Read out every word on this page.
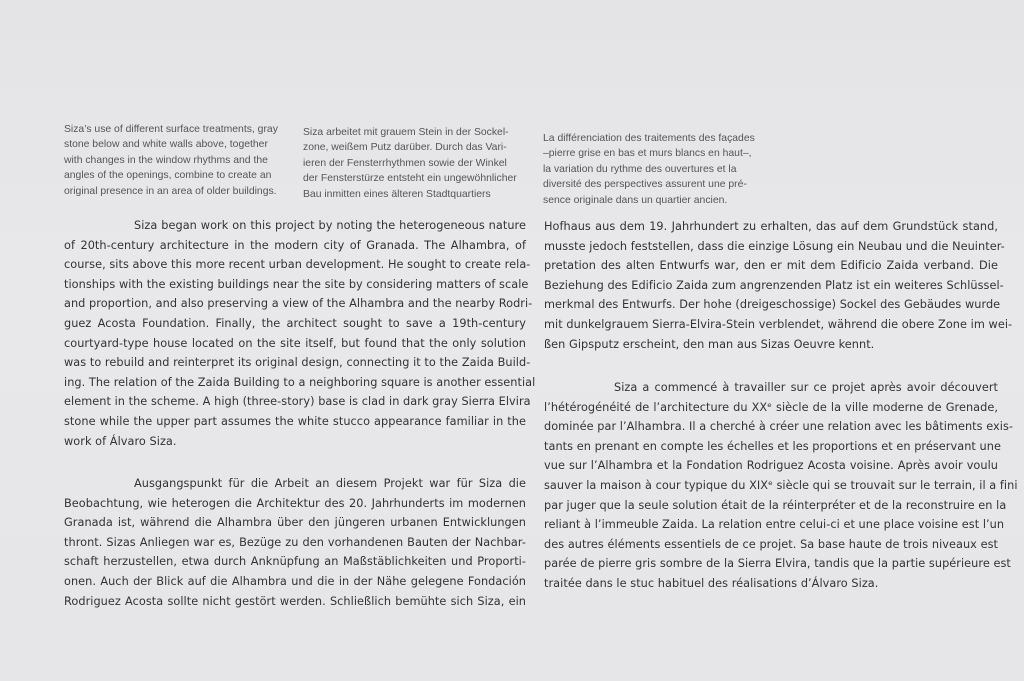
Siza’s use of different surface treatments, gray
stone below and white walls above, together
with changes in the window rhythms and the
angles of the openings, combine to create an
original presence in an area of older buildings.
Siza arbeitet mit grauem Stein in der Sockel-
zone, weißem Putz darüber. Durch das Vari-
ieren der Fensterrhythmen sowie der Winkel
der Fensterstürze entsteht ein ungewöhnlicher
Bau inmitten eines älteren Stadtquartiers
La différenciation des traitements des façades
–pierre grise en bas et murs blancs en haut–,
la variation du rythme des ouvertures et la
diversité des perspectives assurent une pré-
sence originale dans un quartier ancien.
Siza began work on this project by noting the heterogeneous nature
of 20th-century architecture in the modern city of Granada. The Alhambra, of
course, sits above this more recent urban development. He sought to create rela-
tionships with the existing buildings near the site by considering matters of scale
and proportion, and also preserving a view of the Alhambra and the nearby Rodri-
guez Acosta Foundation. Finally, the architect sought to save a 19th-century
courtyard-type house located on the site itself, but found that the only solution
was to rebuild and reinterpret its original design, connecting it to the Zaida Build-
ing. The relation of the Zaida Building to a neighboring square is another essential
element in the scheme. A high (three-story) base is clad in dark gray Sierra Elvira
stone while the upper part assumes the white stucco appearance familiar in the
work of Álvaro Siza.
Ausgangspunkt für die Arbeit an diesem Projekt war für Siza die
Beobachtung, wie heterogen die Architektur des 20. Jahrhunderts im modernen
Granada ist, während die Alhambra über den jüngeren urbanen Entwicklungen
thront. Sizas Anliegen war es, Bezüge zu den vorhandenen Bauten der Nachbar-
schaft herzustellen, etwa durch Anknüpfung an Maßstäblichkeiten und Proporti-
onen. Auch der Blick auf die Alhambra und die in der Nähe gelegene Fondación
Rodriguez Acosta sollte nicht gestört werden. Schließlich bemühte sich Siza, ein
Hofhaus aus dem 19. Jahrhundert zu erhalten, das auf dem Grundstück stand,
musste jedoch feststellen, dass die einzige Lösung ein Neubau und die Neuinter-
pretation des alten Entwurfs war, den er mit dem Edificio Zaida verband. Die
Beziehung des Edificio Zaida zum angrenzenden Platz ist ein weiteres Schlüssel-
merkmal des Entwurfs. Der hohe (dreigeschossige) Sockel des Gebäudes wurde
mit dunkelgrauem Sierra-Elvira-Stein verblendet, während die obere Zone im wei-
ßen Gipsputz erscheint, den man aus Sizas Oeuvre kennt.
Siza a commencé à travailler sur ce projet après avoir découvert
l’hétérogénéité de l’architecture du XXᵉ siècle de la ville moderne de Grenade,
dominée par l’Alhambra. Il a cherché à créer une relation avec les bâtiments exis-
tants en prenant en compte les échelles et les proportions et en préservant une
vue sur l’Alhambra et la Fondation Rodriguez Acosta voisine. Après avoir voulu
sauver la maison à cour typique du XIXᵉ siècle qui se trouvait sur le terrain, il a fini
par juger que la seule solution était de la réinterpréter et de la reconstruire en la
reliant à l’immeuble Zaida. La relation entre celui-ci et une place voisine est l’un
des autres éléments essentiels de ce projet. Sa base haute de trois niveaux est
parée de pierre gris sombre de la Sierra Elvira, tandis que la partie supérieure est
traitée dans le stuc habituel des réalisations d’Álvaro Siza.
